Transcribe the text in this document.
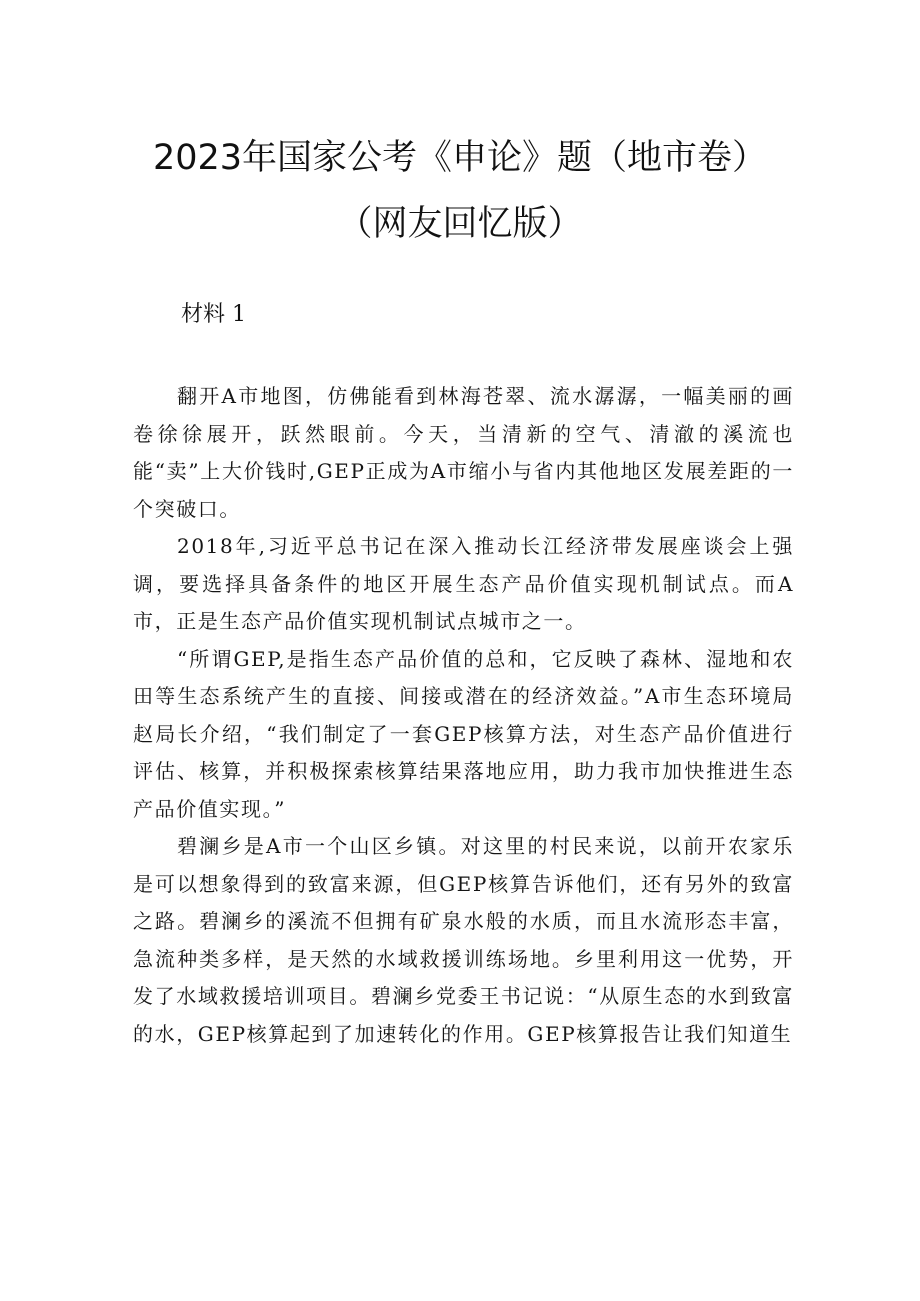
2023年国家公考《申论》题（地市卷）
（网友回忆版）
材料 1

翻开A市地图，仿佛能看到林海苍翠、流水潺潺，一幅美丽的画卷徐徐展开，跃然眼前。今天，当清新的空气、清澈的溪流也能“卖”上大价钱时,GEP正成为A市缩小与省内其他地区发展差距的一个突破口。

2018年,习近平总书记在深入推动长江经济带发展座谈会上强调，要选择具备条件的地区开展生态产品价值实现机制试点。而A市，正是生态产品价值实现机制试点城市之一。

“所谓GEP,是指生态产品价值的总和，它反映了森林、湿地和农田等生态系统产生的直接、间接或潜在的经济效益。”A市生态环境局赵局长介绍，“我们制定了一套GEP核算方法，对生态产品价值进行评估、核算，并积极探索核算结果落地应用，助力我市加快推进生态产品价值实现。”

碧澜乡是A市一个山区乡镇。对这里的村民来说，以前开农家乐是可以想象得到的致富来源，但GEP核算告诉他们，还有另外的致富之路。碧澜乡的溪流不但拥有矿泉水般的水质，而且水流形态丰富，急流种类多样，是天然的水域救援训练场地。乡里利用这一优势，开发了水域救援培训项目。碧澜乡党委王书记说：“从原生态的水到致富的水，GEP核算起到了加速转化的作用。GEP核算报告让我们知道生
